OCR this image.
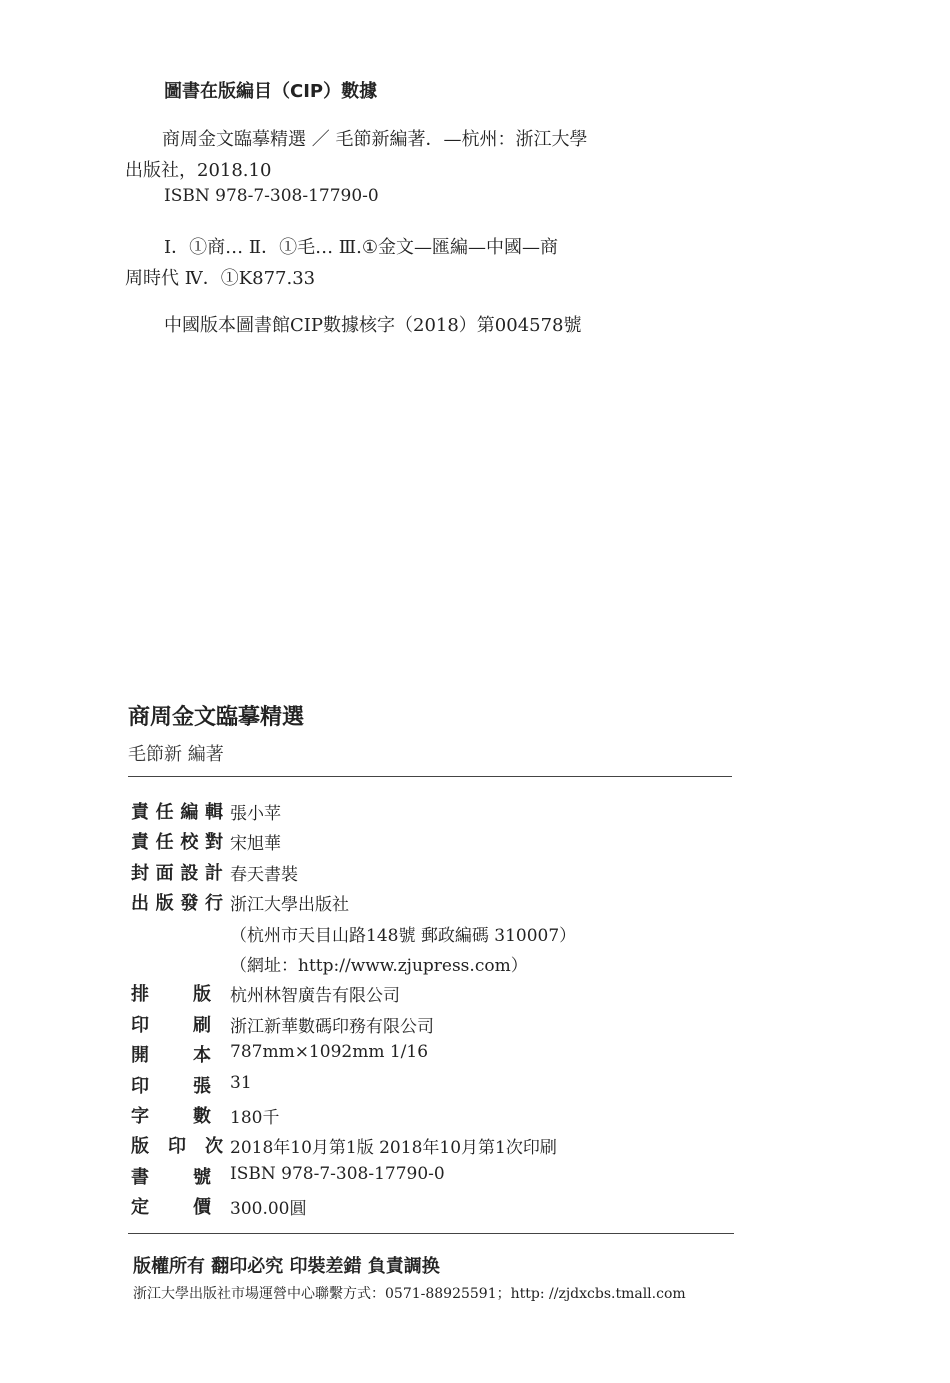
圖書在版編目（CIP）數據
商周金文臨摹精選 ／ 毛節新編著．—杭州：浙江大學
出版社，2018.10
ISBN 978-7-308-17790-0
Ⅰ．①商… Ⅱ．①毛… Ⅲ.①金文—匯編—中國—商
周時代 Ⅳ．①K877.33
中國版本圖書館CIP數據核字（2018）第004578號
商周金文臨摹精選
毛節新 編著
責 任 編 輯 張小苹
責 任 校 對 宋旭華
封 面 設 計 春天書裝
出 版 發 行 浙江大學出版社
（杭州市天目山路148號 郵政編碼 310007）
（網址：http://www.zjupress.com）
排 版 杭州林智廣告有限公司
印 刷 浙江新華數碼印務有限公司
開 本 787mm×1092mm 1/16
印 張 31
字 數 180千
版 印 次 2018年10月第1版 2018年10月第1次印刷
書 號 ISBN 978-7-308-17790-0
定 價 300.00圓
版權所有 翻印必究 印裝差錯 負責調换
浙江大學出版社市場運營中心聯繫方式：0571-88925591；http: //zjdxcbs.tmall.com
